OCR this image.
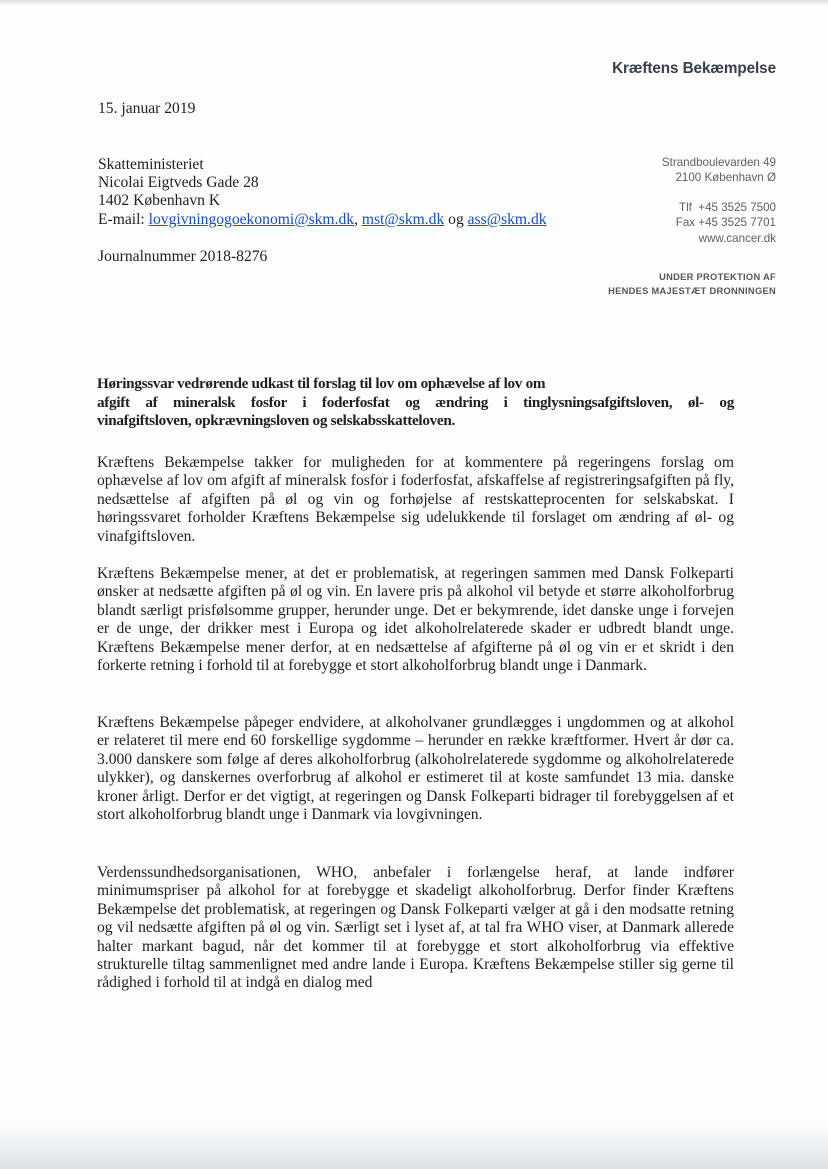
Kræftens Bekæmpelse
15. januar 2019
Skatteministeriet
Nicolai Eigtveds Gade 28
1402 København K
E-mail: lovgivningogoekonomi@skm.dk, mst@skm.dk og ass@skm.dk
Journalnummer 2018-8276
Strandboulevarden 49
2100 København Ø
Tlf  +45 3525 7500
Fax +45 3525 7701
www.cancer.dk
UNDER PROTEKTION AF
HENDES MAJESTÆT DRONNINGEN
Høringssvar vedrørende udkast til forslag til lov om ophævelse af lov om
afgift af mineralsk fosfor i foderfosfat og ændring i tinglysningsafgiftsloven, øl- og
vinafgiftsloven, opkrævningsloven og selskabsskatteloven.
Kræftens Bekæmpelse takker for muligheden for at kommentere på regeringens forslag om ophævelse af lov om afgift af mineralsk fosfor i foderfosfat, afskaffelse af registreringsafgiften på fly, nedsættelse af afgiften på øl og vin og forhøjelse af restskatteprocenten for selskabskat. I høringssvaret forholder Kræftens Bekæmpelse sig udelukkende til forslaget om ændring af øl- og vinafgiftsloven.
Kræftens Bekæmpelse mener, at det er problematisk, at regeringen sammen med Dansk Folkeparti ønsker at nedsætte afgiften på øl og vin. En lavere pris på alkohol vil betyde et større alkoholforbrug blandt særligt prisfølsomme grupper, herunder unge. Det er bekymrende, idet danske unge i forvejen er de unge, der drikker mest i Europa og idet alkoholrelaterede skader er udbredt blandt unge. Kræftens Bekæmpelse mener derfor, at en nedsættelse af afgifterne på øl og vin er et skridt i den forkerte retning i forhold til at forebygge et stort alkoholforbrug blandt unge i Danmark.
Kræftens Bekæmpelse påpeger endvidere, at alkoholvaner grundlægges i ungdommen og at alkohol er relateret til mere end 60 forskellige sygdomme – herunder en række kræftformer. Hvert år dør ca. 3.000 danskere som følge af deres alkoholforbrug (alkoholrelaterede sygdomme og alkoholrelaterede ulykker), og danskernes overforbrug af alkohol er estimeret til at koste samfundet 13 mia. danske kroner årligt. Derfor er det vigtigt, at regeringen og Dansk Folkeparti bidrager til forebyggelsen af et stort alkoholforbrug blandt unge i Danmark via lovgivningen.
Verdenssundhedsorganisationen, WHO, anbefaler i forlængelse heraf, at lande indfører minimumspriser på alkohol for at forebygge et skadeligt alkoholforbrug. Derfor finder Kræftens Bekæmpelse det problematisk, at regeringen og Dansk Folkeparti vælger at gå i den modsatte retning og vil nedsætte afgiften på øl og vin. Særligt set i lyset af, at tal fra WHO viser, at Danmark allerede halter markant bagud, når det kommer til at forebygge et stort alkoholforbrug via effektive strukturelle tiltag sammenlignet med andre lande i Europa. Kræftens Bekæmpelse stiller sig gerne til rådighed i forhold til at indgå en dialog med
